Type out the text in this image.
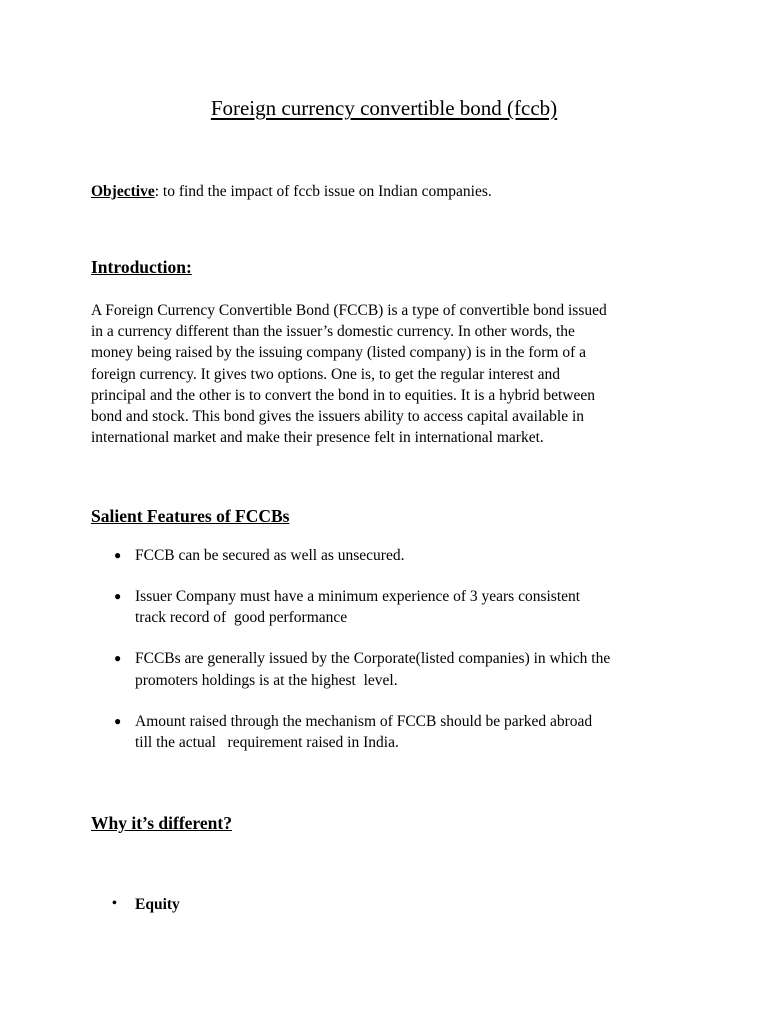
Foreign currency convertible bond (fccb)

Objective: to find the impact of fccb issue on Indian companies.

Introduction:

A Foreign Currency Convertible Bond (FCCB) is a type of convertible bond issued
in a currency different than the issuer’s domestic currency. In other words, the
money being raised by the issuing company (listed company) is in the form of a
foreign currency. It gives two options. One is, to get the regular interest and
principal and the other is to convert the bond in to equities. It is a hybrid between
bond and stock. This bond gives the issuers ability to access capital available in
international market and make their presence felt in international market.

Salient Features of FCCBs
● FCCB can be secured as well as unsecured.
● Issuer Company must have a minimum experience of 3 years consistent
track record of  good performance
● FCCBs are generally issued by the Corporate(listed companies) in which the
promoters holdings is at the highest  level.
● Amount raised through the mechanism of FCCB should be parked abroad
till the actual   requirement raised in India.
Why it’s different?
• Equity
